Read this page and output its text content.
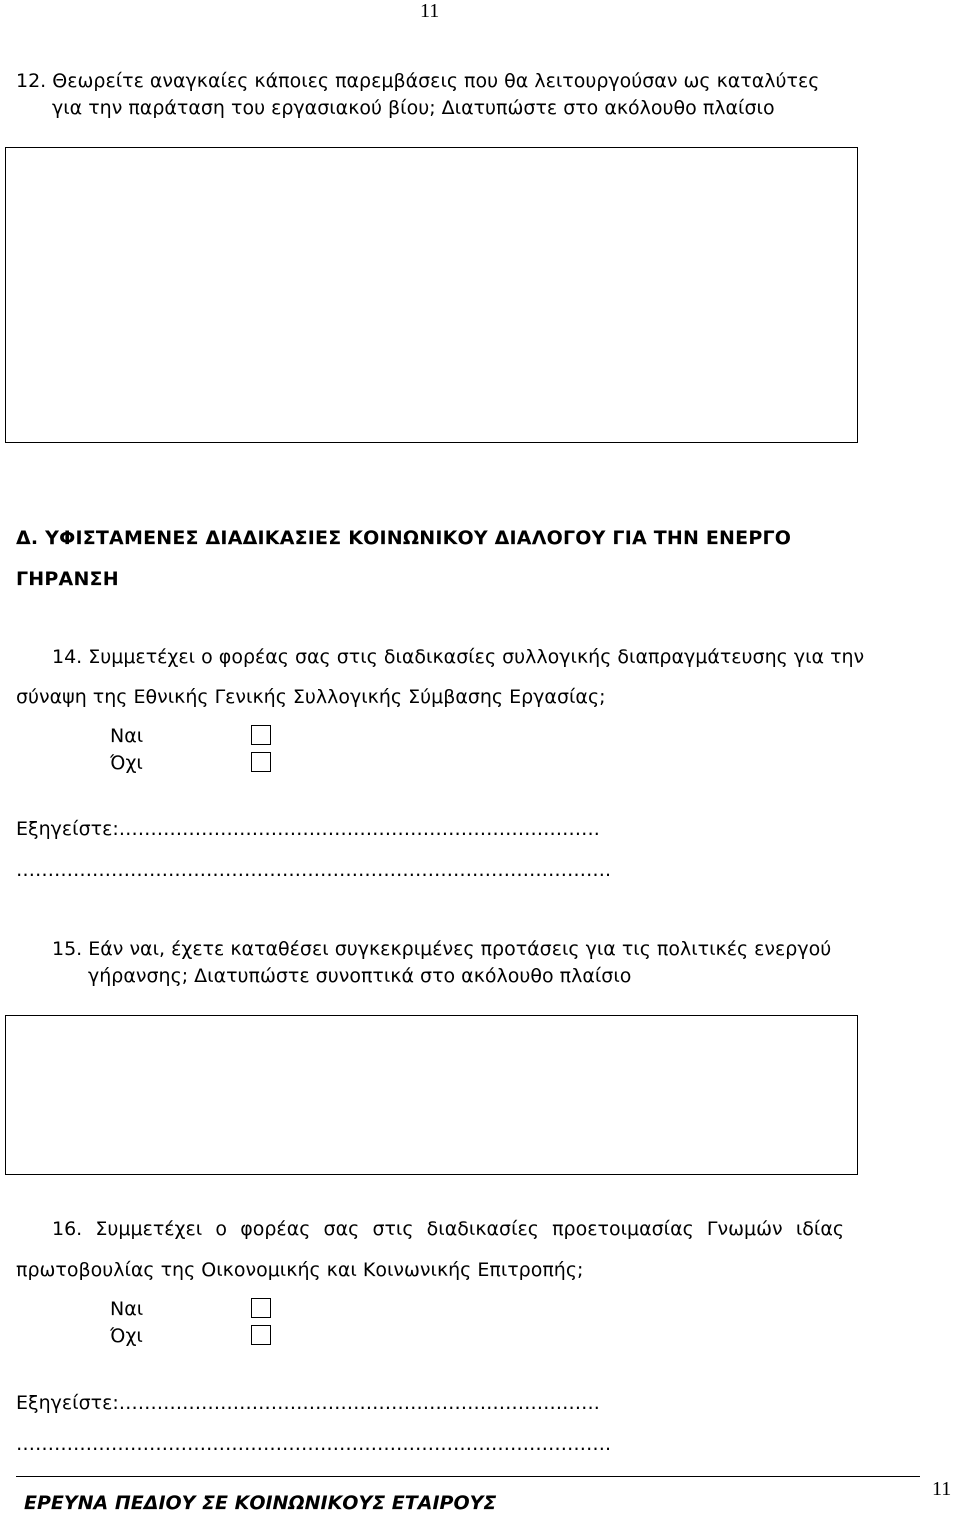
11
12. Θεωρείτε αναγκαίες κάποιες παρεμβάσεις που θα λειτουργούσαν ως καταλύτες
για την παράταση του εργασιακού βίου; Διατυπώστε στο ακόλουθο πλαίσιο
Δ. ΥΦΙΣΤΑΜΕΝΕΣ ΔΙΑΔΙΚΑΣΙΕΣ ΚΟΙΝΩΝΙΚΟΥ ΔΙΑΛΟΓΟΥ ΓΙΑ ΤΗΝ ΕΝΕΡΓΟ
ΓΗΡΑΝΣΗ
14. Συμμετέχει ο φορέας σας στις διαδικασίες συλλογικής διαπραγμάτευσης για την
σύναψη της Εθνικής Γενικής Συλλογικής Σύμβασης Εργασίας;
Ναι
Όχι
Εξηγείστε:………………………………………………………………….
………………………………………………………………………………….
15. Εάν ναι, έχετε καταθέσει συγκεκριμένες προτάσεις για τις πολιτικές ενεργού
γήρανσης; Διατυπώστε συνοπτικά στο ακόλουθο πλαίσιο
16. Συμμετέχει ο φορέας σας στις διαδικασίες προετοιμασίας Γνωμών ιδίας
πρωτοβουλίας της Οικονομικής και Κοινωνικής Επιτροπής;
Ναι
Όχι
Εξηγείστε:………………………………………………………………….
………………………………………………………………………………….
ΕΡΕΥΝΑ ΠΕΔΙΟΥ ΣΕ ΚΟΙΝΩΝΙΚΟΥΣ ΕΤΑΙΡΟΥΣ
11
